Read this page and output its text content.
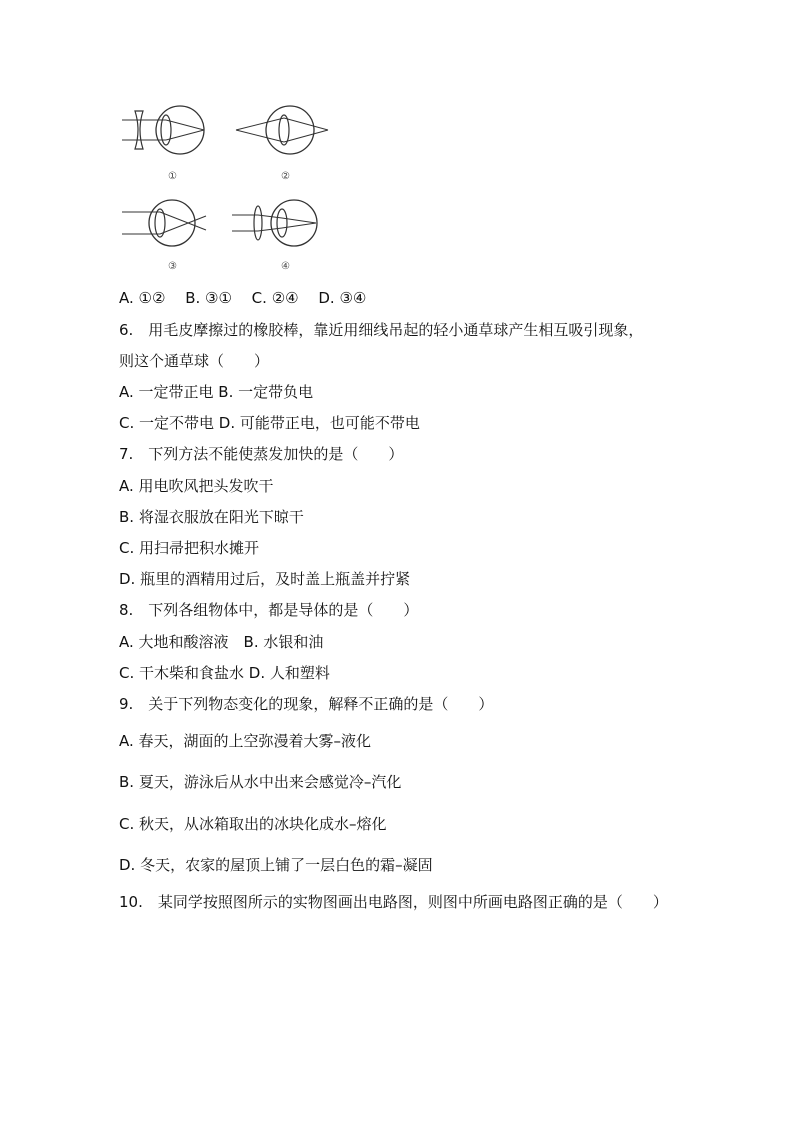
①	②
③	④
A. ①②　 B. ③①　 C. ②④　 D. ③④
6.　用毛皮摩擦过的橡胶棒，靠近用细线吊起的轻小通草球产生相互吸引现象，
则这个通草球（　　）
A. 一定带正电 B. 一定带负电
C. 一定不带电 D. 可能带正电，也可能不带电
7.　下列方法不能使蒸发加快的是（　　）
A. 用电吹风把头发吹干
B. 将湿衣服放在阳光下晾干
C. 用扫帚把积水摊开
D. 瓶里的酒精用过后，及时盖上瓶盖并拧紧
8.　下列各组物体中，都是导体的是（　　）
A. 大地和酸溶液　B. 水银和油
C. 干木柴和食盐水 D. 人和塑料
9.　关于下列物态变化的现象，解释不正确的是（　　）
A. 春天，湖面的上空弥漫着大雾–液化
B. 夏天，游泳后从水中出来会感觉冷–汽化
C. 秋天，从冰箱取出的冰块化成水–熔化
D. 冬天，农家的屋顶上铺了一层白色的霜–凝固
10.　某同学按照图所示的实物图画出电路图，则图中所画电路图正确的是（　　）
